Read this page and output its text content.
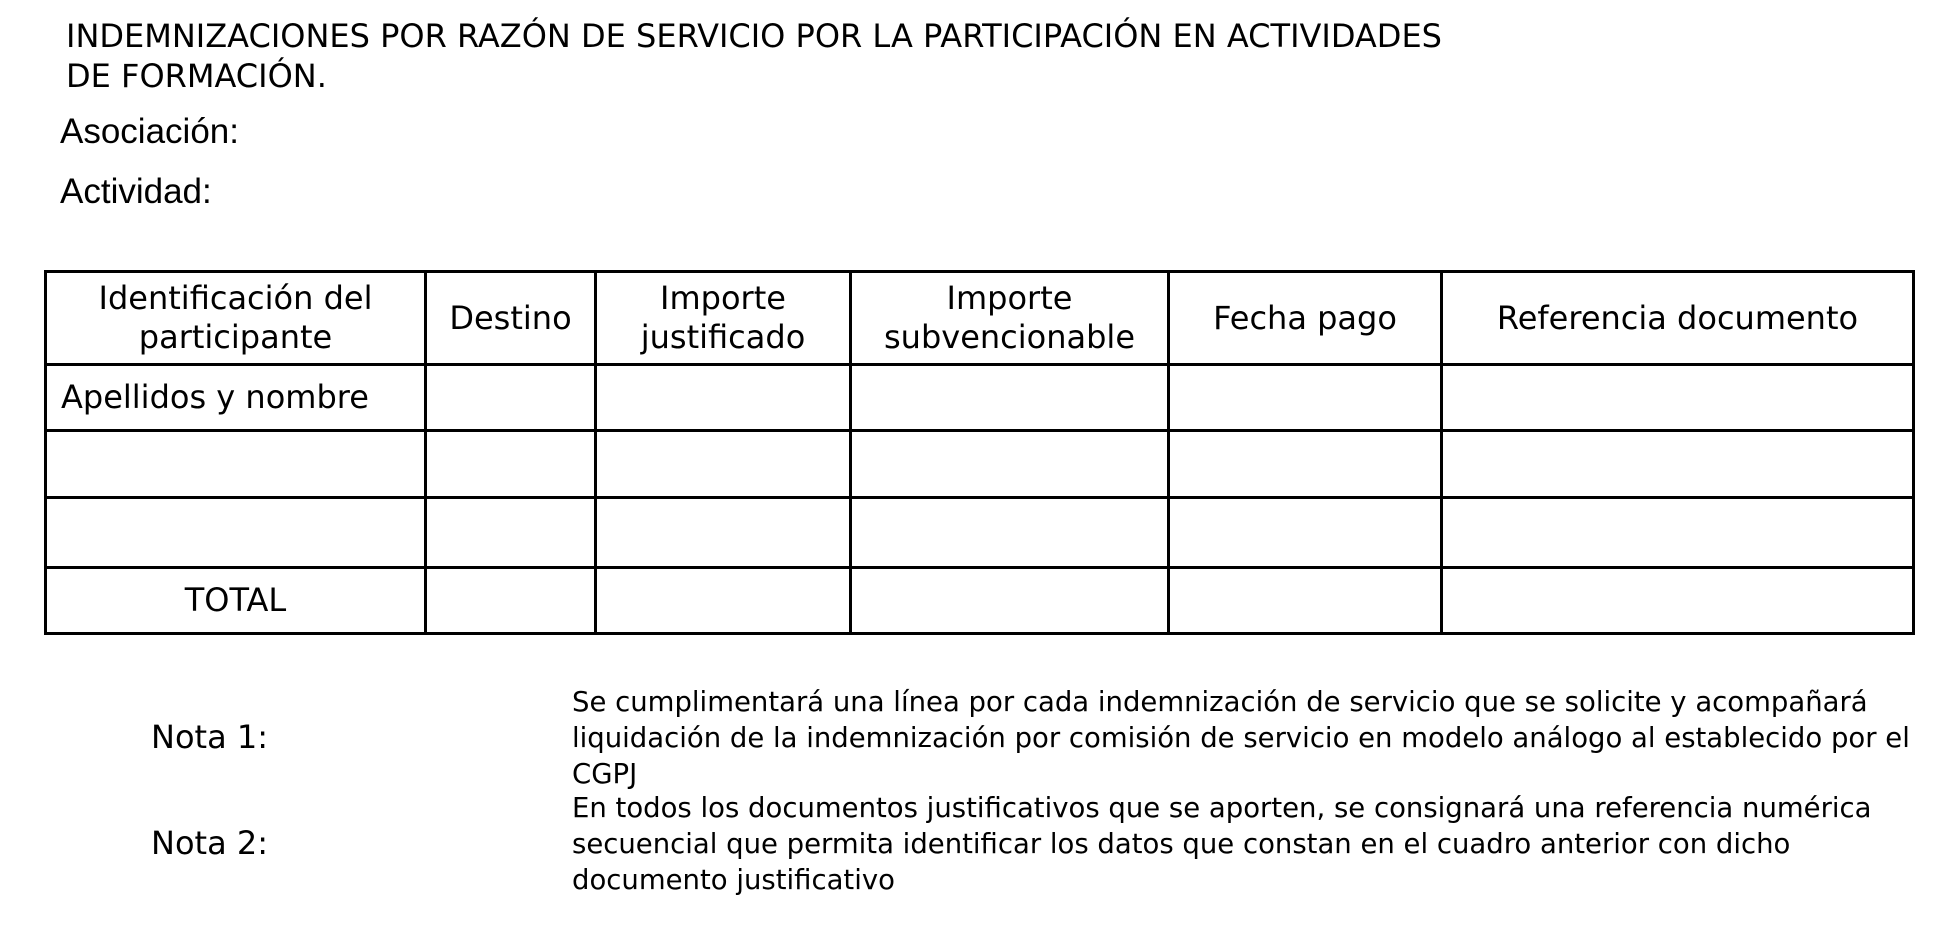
INDEMNIZACIONES POR RAZÓN DE SERVICIO POR LA PARTICIPACIÓN EN ACTIVIDADES
DE FORMACIÓN.
Asociación:
Actividad:
Identificación del participante	Destino	Importe justificado	Importe subvencionable	Fecha pago	Referencia documento
Apellidos y nombre					

TOTAL					
Nota 1:
Se cumplimentará una línea por cada indemnización de servicio que se solicite y acompañará liquidación de la indemnización por comisión de servicio en modelo análogo al establecido por el CGPJ
Nota 2:
En todos los documentos justificativos que se aporten, se consignará una referencia numérica secuencial que permita identificar los datos que constan en el cuadro anterior con dicho documento justificativo
